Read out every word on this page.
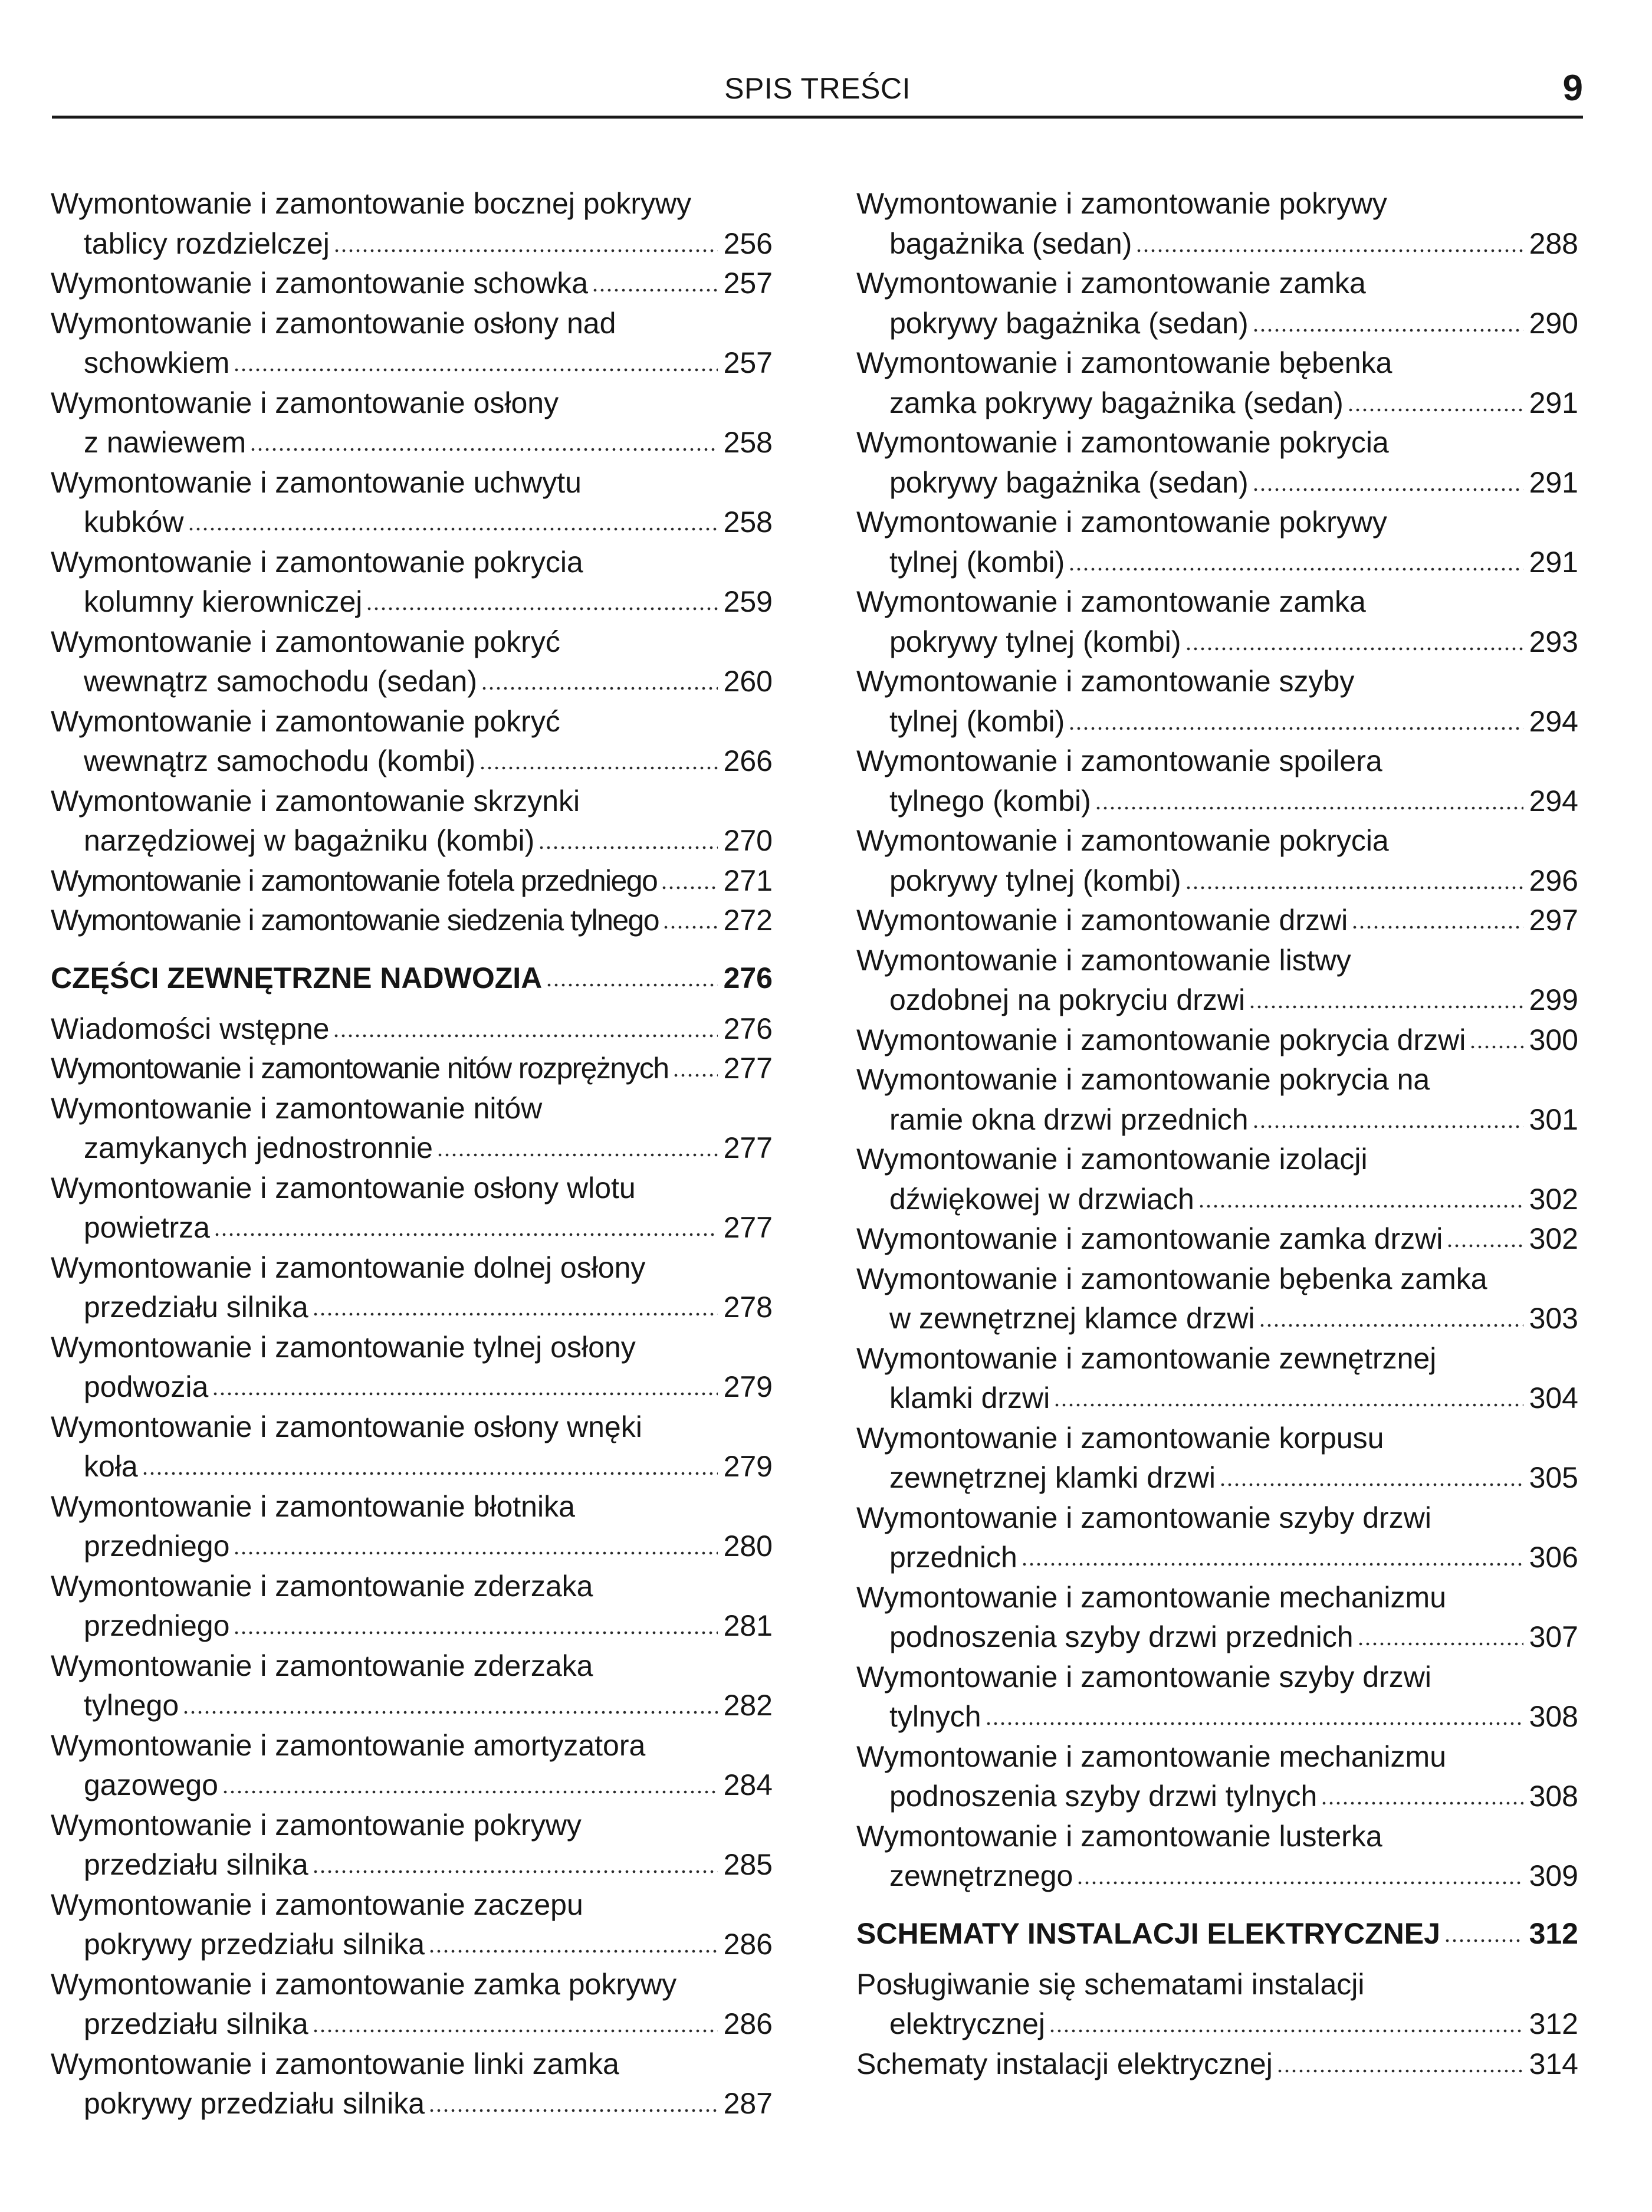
SPIS TREŚCI	9
Wymontowanie i zamontowanie bocznej pokrywy
tablicy rozdzielczej	256
Wymontowanie i zamontowanie schowka	257
Wymontowanie i zamontowanie osłony nad
schowkiem	257
Wymontowanie i zamontowanie osłony
z nawiewem	258
Wymontowanie i zamontowanie uchwytu
kubków	258
Wymontowanie i zamontowanie pokrycia
kolumny kierowniczej	259
Wymontowanie i zamontowanie pokryć
wewnątrz samochodu (sedan)	260
Wymontowanie i zamontowanie pokryć
wewnątrz samochodu (kombi)	266
Wymontowanie i zamontowanie skrzynki
narzędziowej w bagażniku (kombi)	270
Wymontowanie i zamontowanie fotela przedniego 271
Wymontowanie i zamontowanie siedzenia tylnego 272
CZĘŚCI ZEWNĘTRZNE NADWOZIA	276
Wiadomości wstępne	276
Wymontowanie i zamontowanie nitów rozprężnych 277
Wymontowanie i zamontowanie nitów
zamykanych jednostronnie	277
Wymontowanie i zamontowanie osłony wlotu
powietrza	277
Wymontowanie i zamontowanie dolnej osłony
przedziału silnika	278
Wymontowanie i zamontowanie tylnej osłony
podwozia	279
Wymontowanie i zamontowanie osłony wnęki
koła	279
Wymontowanie i zamontowanie błotnika
przedniego	280
Wymontowanie i zamontowanie zderzaka
przedniego	281
Wymontowanie i zamontowanie zderzaka
tylnego	282
Wymontowanie i zamontowanie amortyzatora
gazowego	284
Wymontowanie i zamontowanie pokrywy
przedziału silnika	285
Wymontowanie i zamontowanie zaczepu
pokrywy przedziału silnika	286
Wymontowanie i zamontowanie zamka pokrywy
przedziału silnika	286
Wymontowanie i zamontowanie linki zamka
pokrywy przedziału silnika	287
Wymontowanie i zamontowanie pokrywy
bagażnika (sedan)	288
Wymontowanie i zamontowanie zamka
pokrywy bagażnika (sedan)	290
Wymontowanie i zamontowanie bębenka
zamka pokrywy bagażnika (sedan)	291
Wymontowanie i zamontowanie pokrycia
pokrywy bagażnika (sedan)	291
Wymontowanie i zamontowanie pokrywy
tylnej (kombi)	291
Wymontowanie i zamontowanie zamka
pokrywy tylnej (kombi)	293
Wymontowanie i zamontowanie szyby
tylnej (kombi)	294
Wymontowanie i zamontowanie spoilera
tylnego (kombi)	294
Wymontowanie i zamontowanie pokrycia
pokrywy tylnej (kombi)	296
Wymontowanie i zamontowanie drzwi	297
Wymontowanie i zamontowanie listwy
ozdobnej na pokryciu drzwi	299
Wymontowanie i zamontowanie pokrycia drzwi 300
Wymontowanie i zamontowanie pokrycia na
ramie okna drzwi przednich	301
Wymontowanie i zamontowanie izolacji
dźwiękowej w drzwiach	302
Wymontowanie i zamontowanie zamka drzwi	302
Wymontowanie i zamontowanie bębenka zamka
w zewnętrznej klamce drzwi	303
Wymontowanie i zamontowanie zewnętrznej
klamki drzwi	304
Wymontowanie i zamontowanie korpusu
zewnętrznej klamki drzwi	305
Wymontowanie i zamontowanie szyby drzwi
przednich	306
Wymontowanie i zamontowanie mechanizmu
podnoszenia szyby drzwi przednich	307
Wymontowanie i zamontowanie szyby drzwi
tylnych	308
Wymontowanie i zamontowanie mechanizmu
podnoszenia szyby drzwi tylnych	308
Wymontowanie i zamontowanie lusterka
zewnętrznego	309
SCHEMATY INSTALACJI ELEKTRYCZNEJ	312
Posługiwanie się schematami instalacji
elektrycznej	312
Schematy instalacji elektrycznej	314
